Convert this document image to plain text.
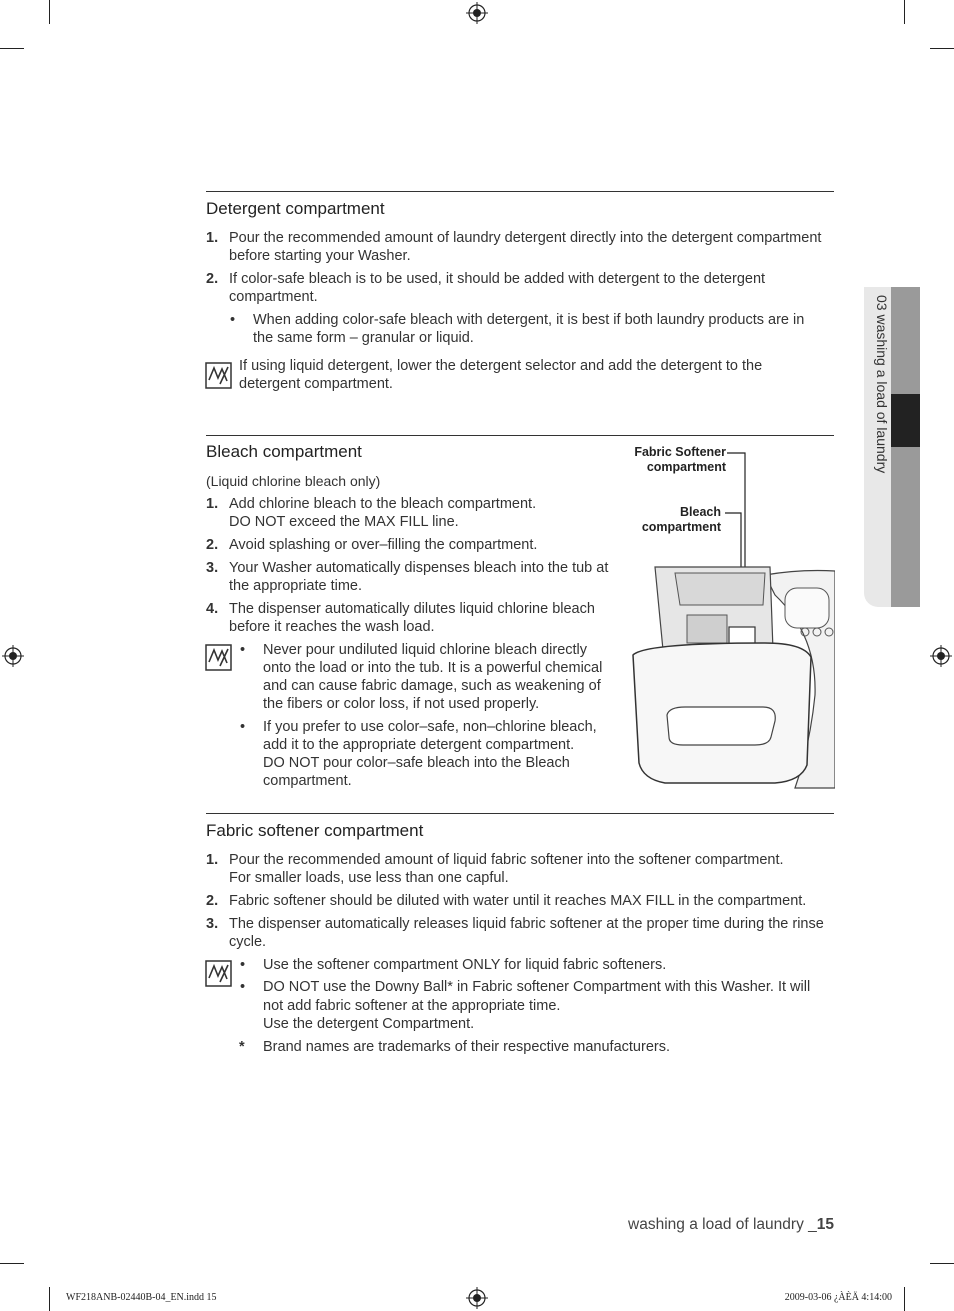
03 washing a load of laundry
Detergent compartment
1. Pour the recommended amount of laundry detergent directly into the detergent compartment
before starting your Washer.
2. If color-safe bleach is to be used, it should be added with detergent to the detergent
compartment.
• When adding color-safe bleach with detergent, it is best if both laundry products are in
the same form – granular or liquid.
If using liquid detergent, lower the detergent selector and add the detergent to the
detergent compartment.
Bleach compartment
(Liquid chlorine bleach only)
1. Add chlorine bleach to the bleach compartment.
DO NOT exceed the MAX FILL line.
2. Avoid splashing or over–filling the compartment.
3. Your Washer automatically dispenses bleach into the tub at
the appropriate time.
4. The dispenser automatically dilutes liquid chlorine bleach
before it reaches the wash load.
• Never pour undiluted liquid chlorine bleach directly
onto the load or into the tub. It is a powerful chemical
and can cause fabric damage, such as weakening of
the fibers or color loss, if not used properly.
• If you prefer to use color–safe, non–chlorine bleach,
add it to the appropriate detergent compartment.
DO NOT pour color–safe bleach into the Bleach
compartment.
Fabric Softener
compartment
Bleach
compartment
Fabric softener compartment
1. Pour the recommended amount of liquid fabric softener into the softener compartment.
For smaller loads, use less than one capful.
2. Fabric softener should be diluted with water until it reaches MAX FILL in the compartment.
3. The dispenser automatically releases liquid fabric softener at the proper time during the rinse
cycle.
• Use the softener compartment ONLY for liquid fabric softeners.
• DO NOT use the Downy Ball* in Fabric softener Compartment with this Washer. It will
not add fabric softener at the appropriate time.
Use the detergent Compartment.
* Brand names are trademarks of their respective manufacturers.
washing a load of laundry _15
WF218ANB-02440B-04_EN.indd 15	2009-03-06 ¿ÀÈÄ 4:14:00
